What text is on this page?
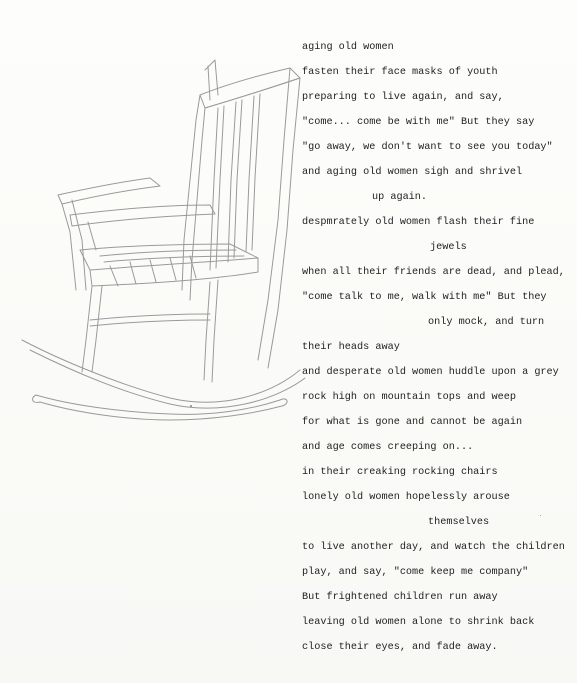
aging old women
fasten their face masks of youth
preparing to live again, and say,
"come... come be with me" But they say
"go away, we don't want to see you today"
and aging old women sigh and shrivel
up again.
despmrately old women flash their fine
jewels
when all their friends are dead, and plead,
"come talk to me, walk with me" But they
only mock, and turn
their heads away
and desperate old women huddle upon a grey
rock high on mountain tops and weep
for what is gone and cannot be again
and age comes creeping on...
in their creaking rocking chairs
lonely old women hopelessly arouse
themselves
to live another day, and watch the children
play, and say, "come keep me company"
But frightened children run away
leaving old women alone to shrink back
close their eyes, and fade away.
